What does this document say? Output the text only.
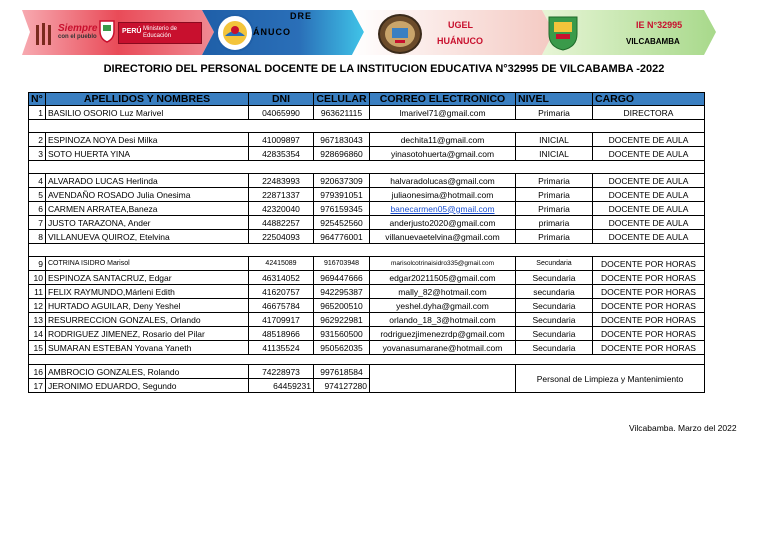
Siempre
con el pueblo
PERÚ Ministerio de Educación
DRE
ÁNUCO
UGEL
HUÁNUCO
IE N°32995
VILCABAMBA
DIRECTORIO DEL PERSONAL DOCENTE DE LA INSTITUCION EDUCATIVA N°32995 DE VILCABAMBA -2022
N°	APELLIDOS Y NOMBRES	DNI	CELULAR	CORREO ELECTRONICO	NIVEL	CARGO
1	BASILIO OSORIO Luz Marivel	04065990	963621115	lmarivel71@gmail.com	Primaria	DIRECTORA

2	ESPINOZA NOYA Desi Milka	41009897	967183043	dechita11@gmail.com	INICIAL	DOCENTE DE AULA
3	SOTO HUERTA YINA	42835354	928696860	yinasotohuerta@gmail.com	INICIAL	DOCENTE DE AULA

4	ALVARADO LUCAS Herlinda	22483993	920637309	halvaradolucas@gmail.com	Primaria	DOCENTE DE AULA
5	AVENDAÑO ROSADO Julia Onesima	22871337	979391051	juliaonesima@hotmail.com	Primaria	DOCENTE DE AULA
6	CARMEN ARRATEA,Baneza	42320040	976159345	banecarmen05@gmail.com	Primaria	DOCENTE DE AULA
7	JUSTO TARAZONA, Ander	44882257	925452560	anderjusto2020@gmail.com	primaria	DOCENTE DE AULA
8	VILLANUEVA QUIROZ, Etelvina	22504093	964776001	villanuevaetelvina@gmail.com	Primaria	DOCENTE DE AULA

9	COTRINA ISIDRO Marisol	42415089	916703948	marisolcotrinaisidro335@gmail.com	Secundaria	DOCENTE POR HORAS
10	ESPINOZA SANTACRUZ, Edgar	46314052	969447666	edgar20211505@gmail.com	Secundaria	DOCENTE POR HORAS
11	FELIX RAYMUNDO,Márleni Edith	41620757	942295387	mally_82@hotmail.com	secundaria	DOCENTE POR HORAS
12	HURTADO AGUILAR, Deny Yeshel	46675784	965200510	yeshel.dyha@gmail.com	Secundaria	DOCENTE POR HORAS
13	RESURRECCION GONZALES, Orlando	41709917	962922981	orlando_18_3@hotmail.com	Secundaria	DOCENTE POR HORAS
14	RODRIGUEZ JIMENEZ, Rosario del Pilar	48518966	931560500	rodriguezjimenezrdp@gmail.com	Secundaria	DOCENTE POR HORAS
15	SUMARAN ESTEBAN Yovana Yaneth	41135524	950562035	yovanasumarane@hotmail.com	Secundaria	DOCENTE POR HORAS

16	AMBROCIO GONZALES, Rolando	74228973	997618584		Personal de Limpieza y Mantenimiento	
17	JERONIMO EDUARDO, Segundo	64459231	974127280			
Vilcabamba. Marzo del 2022
